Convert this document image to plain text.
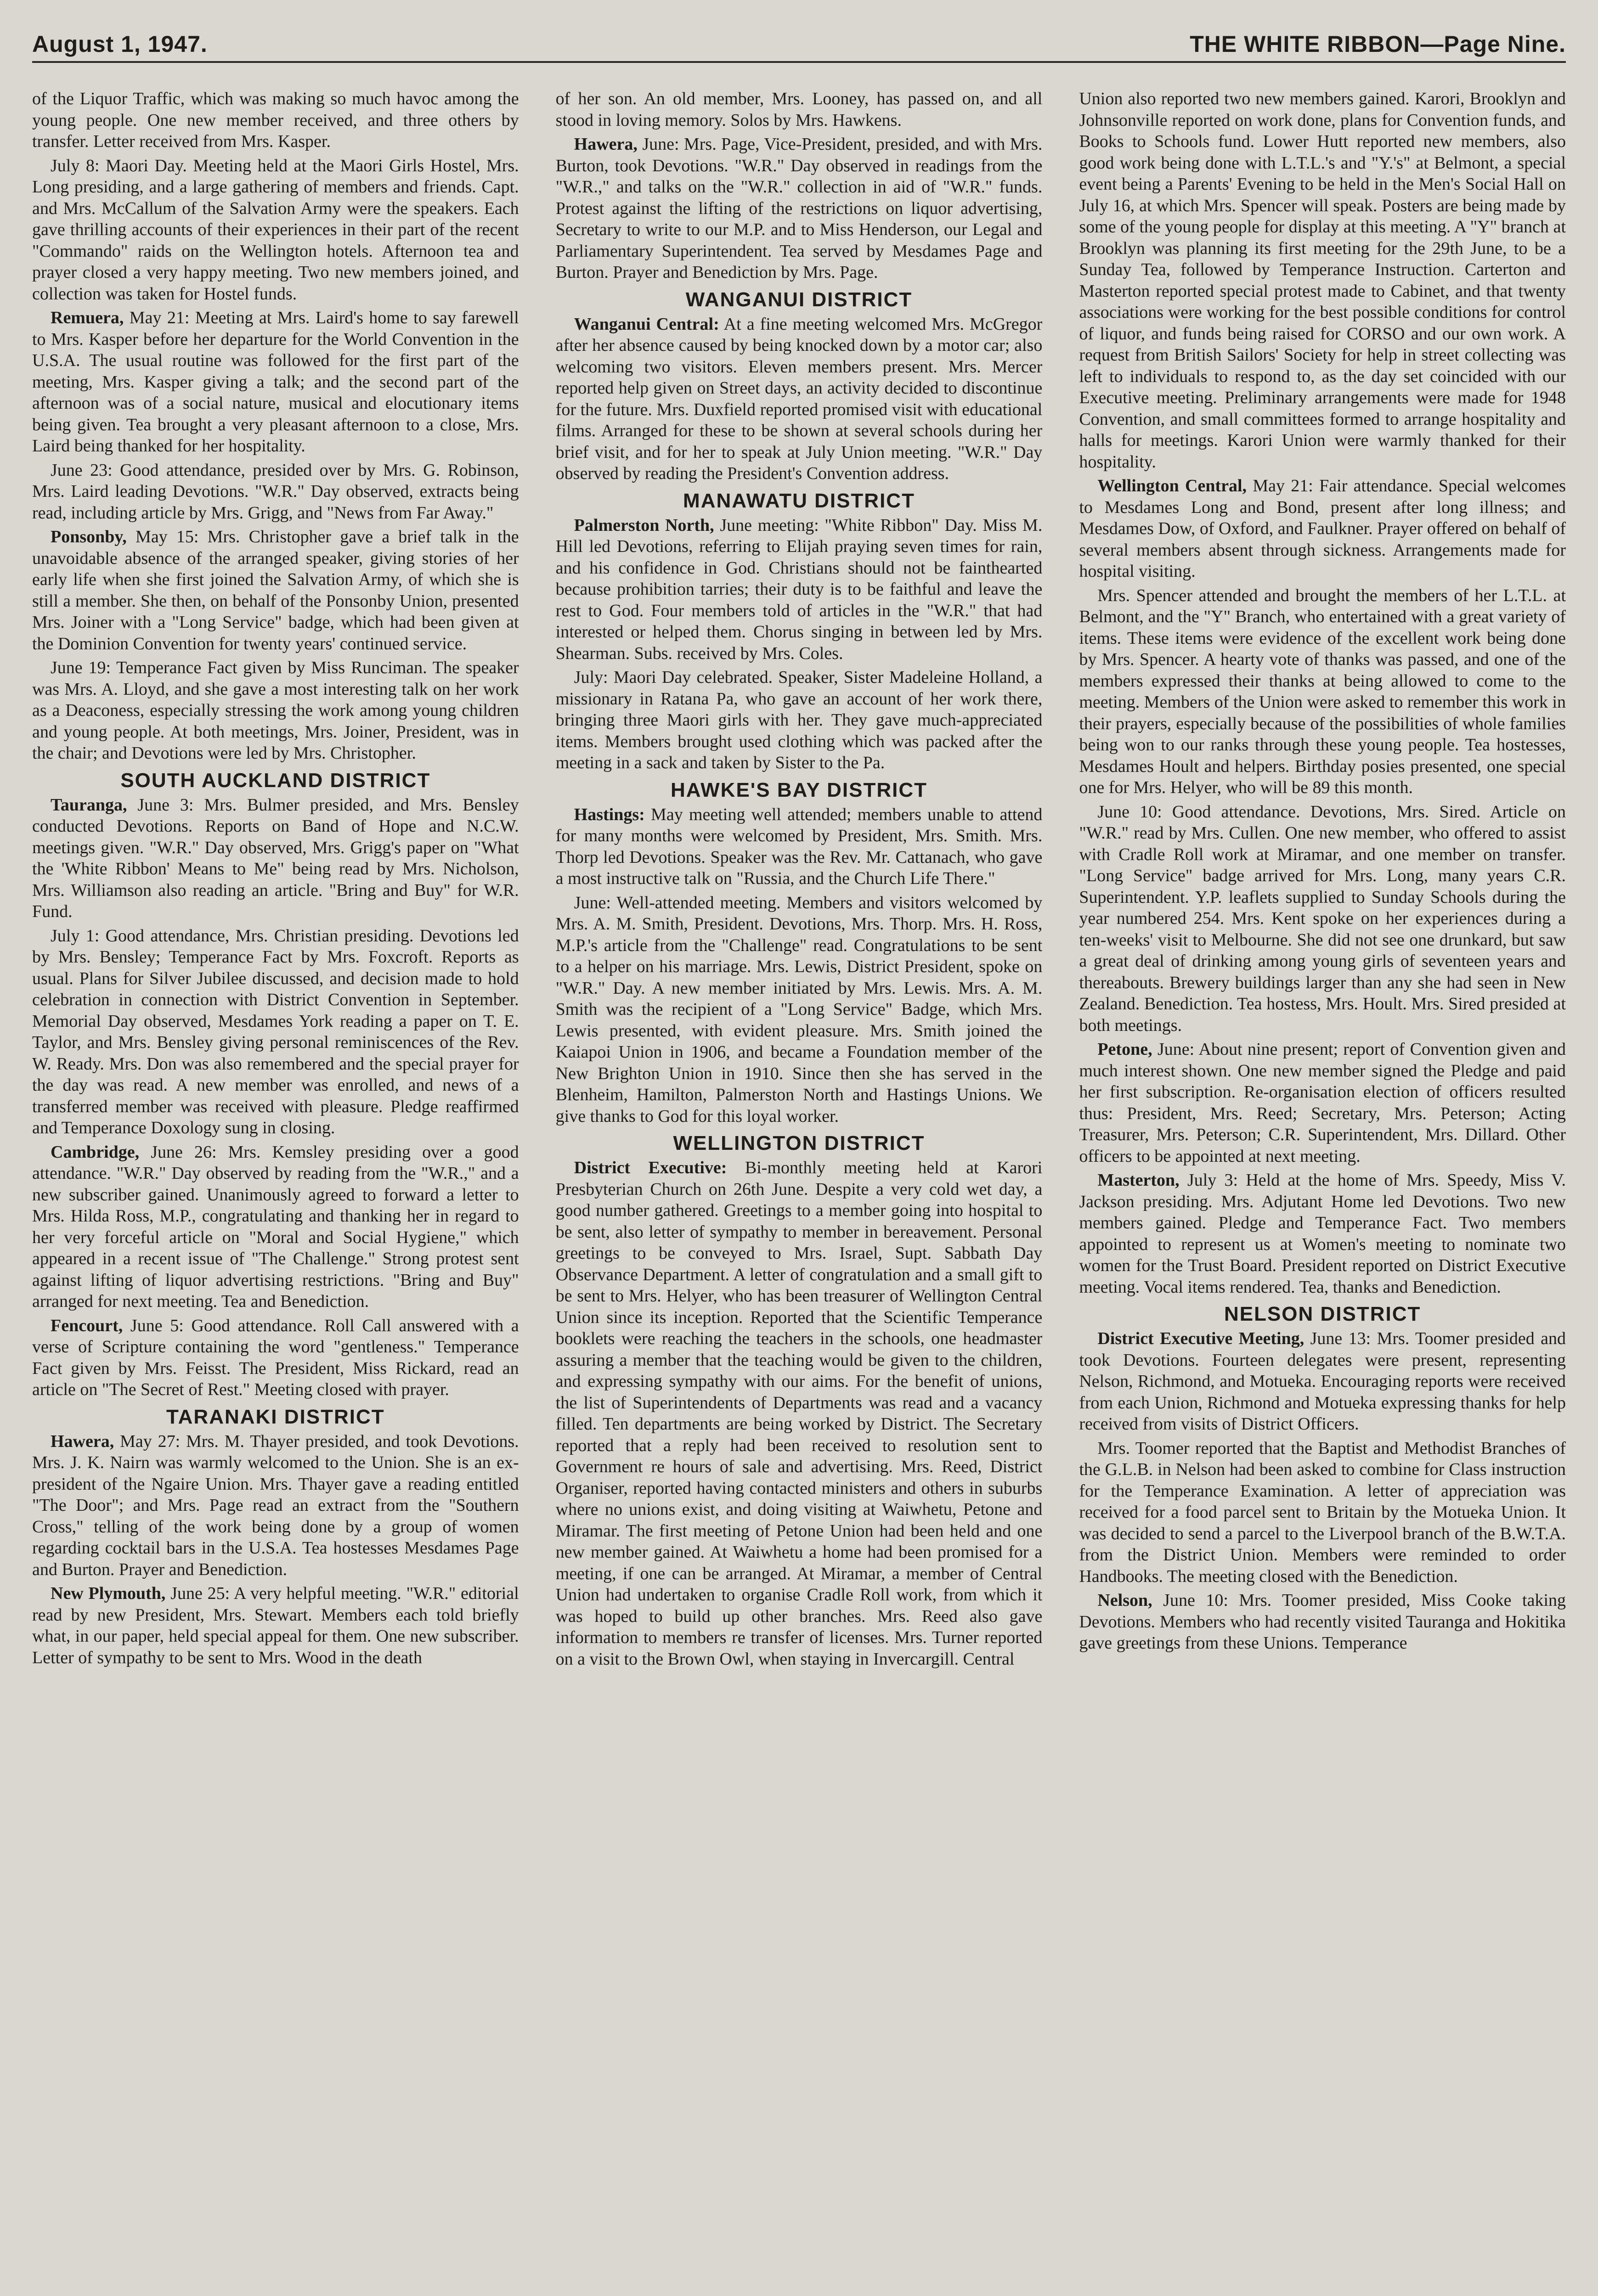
August 1, 1947.	THE WHITE RIBBON—Page Nine.

of the Liquor Traffic, which was making so much havoc among the young people. One new member received, and three others by transfer. Letter received from Mrs. Kasper.

July 8: Maori Day. Meeting held at the Maori Girls Hostel, Mrs. Long presiding, and a large gathering of members and friends. Capt. and Mrs. McCallum of the Salvation Army were the speakers. Each gave thrilling accounts of their experiences in their part of the recent "Commando" raids on the Wellington hotels. Afternoon tea and prayer closed a very happy meeting. Two new members joined, and collection was taken for Hostel funds.

Remuera, May 21: Meeting at Mrs. Laird's home to say farewell to Mrs. Kasper before her departure for the World Convention in the U.S.A. The usual routine was followed for the first part of the meeting, Mrs. Kasper giving a talk; and the second part of the afternoon was of a social nature, musical and elocutionary items being given. Tea brought a very pleasant afternoon to a close, Mrs. Laird being thanked for her hospitality.

June 23: Good attendance, presided over by Mrs. G. Robinson, Mrs. Laird leading Devotions. "W.R." Day observed, extracts being read, including article by Mrs. Grigg, and "News from Far Away."

Ponsonby, May 15: Mrs. Christopher gave a brief talk in the unavoidable absence of the arranged speaker, giving stories of her early life when she first joined the Salvation Army, of which she is still a member. She then, on behalf of the Ponsonby Union, presented Mrs. Joiner with a "Long Service" badge, which had been given at the Dominion Convention for twenty years' continued service.

June 19: Temperance Fact given by Miss Runciman. The speaker was Mrs. A. Lloyd, and she gave a most interesting talk on her work as a Deaconess, especially stressing the work among young children and young people. At both meetings, Mrs. Joiner, President, was in the chair; and Devotions were led by Mrs. Christopher.

SOUTH AUCKLAND DISTRICT

Tauranga, June 3: Mrs. Bulmer presided, and Mrs. Bensley conducted Devotions. Reports on Band of Hope and N.C.W. meetings given. "W.R." Day observed, Mrs. Grigg's paper on "What the 'White Ribbon' Means to Me" being read by Mrs. Nicholson, Mrs. Williamson also reading an article. "Bring and Buy" for W.R. Fund.

July 1: Good attendance, Mrs. Christian presiding. Devotions led by Mrs. Bensley; Temperance Fact by Mrs. Foxcroft. Reports as usual. Plans for Silver Jubilee discussed, and decision made to hold celebration in connection with District Convention in September. Memorial Day observed, Mesdames York reading a paper on T. E. Taylor, and Mrs. Bensley giving personal reminiscences of the Rev. W. Ready. Mrs. Don was also remembered and the special prayer for the day was read. A new member was enrolled, and news of a transferred member was received with pleasure. Pledge reaffirmed and Temperance Doxology sung in closing.

Cambridge, June 26: Mrs. Kemsley presiding over a good attendance. "W.R." Day observed by reading from the "W.R.," and a new subscriber gained. Unanimously agreed to forward a letter to Mrs. Hilda Ross, M.P., congratulating and thanking her in regard to her very forceful article on "Moral and Social Hygiene," which appeared in a recent issue of "The Challenge." Strong protest sent against lifting of liquor advertising restrictions. "Bring and Buy" arranged for next meeting. Tea and Benediction.

Fencourt, June 5: Good attendance. Roll Call answered with a verse of Scripture containing the word "gentleness." Temperance Fact given by Mrs. Feisst. The President, Miss Rickard, read an article on "The Secret of Rest." Meeting closed with prayer.

TARANAKI DISTRICT

Hawera, May 27: Mrs. M. Thayer presided, and took Devotions. Mrs. J. K. Nairn was warmly welcomed to the Union. She is an ex-president of the Ngaire Union. Mrs. Thayer gave a reading entitled "The Door"; and Mrs. Page read an extract from the "Southern Cross," telling of the work being done by a group of women regarding cocktail bars in the U.S.A. Tea hostesses Mesdames Page and Burton. Prayer and Benediction.

New Plymouth, June 25: A very helpful meeting. "W.R." editorial read by new President, Mrs. Stewart. Members each told briefly what, in our paper, held special appeal for them. One new subscriber. Letter of sympathy to be sent to Mrs. Wood in the death

of her son. An old member, Mrs. Looney, has passed on, and all stood in loving memory. Solos by Mrs. Hawkens.

Hawera, June: Mrs. Page, Vice-President, presided, and with Mrs. Burton, took Devotions. "W.R." Day observed in readings from the "W.R.," and talks on the "W.R." collection in aid of "W.R." funds. Protest against the lifting of the restrictions on liquor advertising, Secretary to write to our M.P. and to Miss Henderson, our Legal and Parliamentary Superintendent. Tea served by Mesdames Page and Burton. Prayer and Benediction by Mrs. Page.

WANGANUI DISTRICT

Wanganui Central: At a fine meeting welcomed Mrs. McGregor after her absence caused by being knocked down by a motor car; also welcoming two visitors. Eleven members present. Mrs. Mercer reported help given on Street days, an activity decided to discontinue for the future. Mrs. Duxfield reported promised visit with educational films. Arranged for these to be shown at several schools during her brief visit, and for her to speak at July Union meeting. "W.R." Day observed by reading the President's Convention address.

MANAWATU DISTRICT

Palmerston North, June meeting: "White Ribbon" Day. Miss M. Hill led Devotions, referring to Elijah praying seven times for rain, and his confidence in God. Christians should not be fainthearted because prohibition tarries; their duty is to be faithful and leave the rest to God. Four members told of articles in the "W.R." that had interested or helped them. Chorus singing in between led by Mrs. Shearman. Subs. received by Mrs. Coles.

July: Maori Day celebrated. Speaker, Sister Madeleine Holland, a missionary in Ratana Pa, who gave an account of her work there, bringing three Maori girls with her. They gave much-appreciated items. Members brought used clothing which was packed after the meeting in a sack and taken by Sister to the Pa.

HAWKE'S BAY DISTRICT

Hastings: May meeting well attended; members unable to attend for many months were welcomed by President, Mrs. Smith. Mrs. Thorp led Devotions. Speaker was the Rev. Mr. Cattanach, who gave a most instructive talk on "Russia, and the Church Life There."

June: Well-attended meeting. Members and visitors welcomed by Mrs. A. M. Smith, President. Devotions, Mrs. Thorp. Mrs. H. Ross, M.P.'s article from the "Challenge" read. Congratulations to be sent to a helper on his marriage. Mrs. Lewis, District President, spoke on "W.R." Day. A new member initiated by Mrs. Lewis. Mrs. A. M. Smith was the recipient of a "Long Service" Badge, which Mrs. Lewis presented, with evident pleasure. Mrs. Smith joined the Kaiapoi Union in 1906, and became a Foundation member of the New Brighton Union in 1910. Since then she has served in the Blenheim, Hamilton, Palmerston North and Hastings Unions. We give thanks to God for this loyal worker.

WELLINGTON DISTRICT

District Executive: Bi-monthly meeting held at Karori Presbyterian Church on 26th June. Despite a very cold wet day, a good number gathered. Greetings to a member going into hospital to be sent, also letter of sympathy to member in bereavement. Personal greetings to be conveyed to Mrs. Israel, Supt. Sabbath Day Observance Department. A letter of congratulation and a small gift to be sent to Mrs. Helyer, who has been treasurer of Wellington Central Union since its inception. Reported that the Scientific Temperance booklets were reaching the teachers in the schools, one headmaster assuring a member that the teaching would be given to the children, and expressing sympathy with our aims. For the benefit of unions, the list of Superintendents of Departments was read and a vacancy filled. Ten departments are being worked by District. The Secretary reported that a reply had been received to resolution sent to Government re hours of sale and advertising. Mrs. Reed, District Organiser, reported having contacted ministers and others in suburbs where no unions exist, and doing visiting at Waiwhetu, Petone and Miramar. The first meeting of Petone Union had been held and one new member gained. At Waiwhetu a home had been promised for a meeting, if one can be arranged. At Miramar, a member of Central Union had undertaken to organise Cradle Roll work, from which it was hoped to build up other branches. Mrs. Reed also gave information to members re transfer of licenses. Mrs. Turner reported on a visit to the Brown Owl, when staying in Invercargill. Central

Union also reported two new members gained. Karori, Brooklyn and Johnsonville reported on work done, plans for Convention funds, and Books to Schools fund. Lower Hutt reported new members, also good work being done with L.T.L.'s and "Y.'s" at Belmont, a special event being a Parents' Evening to be held in the Men's Social Hall on July 16, at which Mrs. Spencer will speak. Posters are being made by some of the young people for display at this meeting. A "Y" branch at Brooklyn was planning its first meeting for the 29th June, to be a Sunday Tea, followed by Temperance Instruction. Carterton and Masterton reported special protest made to Cabinet, and that twenty associations were working for the best possible conditions for control of liquor, and funds being raised for CORSO and our own work. A request from British Sailors' Society for help in street collecting was left to individuals to respond to, as the day set coincided with our Executive meeting. Preliminary arrangements were made for 1948 Convention, and small committees formed to arrange hospitality and halls for meetings. Karori Union were warmly thanked for their hospitality.

Wellington Central, May 21: Fair attendance. Special welcomes to Mesdames Long and Bond, present after long illness; and Mesdames Dow, of Oxford, and Faulkner. Prayer offered on behalf of several members absent through sickness. Arrangements made for hospital visiting.

Mrs. Spencer attended and brought the members of her L.T.L. at Belmont, and the "Y" Branch, who entertained with a great variety of items. These items were evidence of the excellent work being done by Mrs. Spencer. A hearty vote of thanks was passed, and one of the members expressed their thanks at being allowed to come to the meeting. Members of the Union were asked to remember this work in their prayers, especially because of the possibilities of whole families being won to our ranks through these young people. Tea hostesses, Mesdames Hoult and helpers. Birthday posies presented, one special one for Mrs. Helyer, who will be 89 this month.

June 10: Good attendance. Devotions, Mrs. Sired. Article on "W.R." read by Mrs. Cullen. One new member, who offered to assist with Cradle Roll work at Miramar, and one member on transfer. "Long Service" badge arrived for Mrs. Long, many years C.R. Superintendent. Y.P. leaflets supplied to Sunday Schools during the year numbered 254. Mrs. Kent spoke on her experiences during a ten-weeks' visit to Melbourne. She did not see one drunkard, but saw a great deal of drinking among young girls of seventeen years and thereabouts. Brewery buildings larger than any she had seen in New Zealand. Benediction. Tea hostess, Mrs. Hoult. Mrs. Sired presided at both meetings.

Petone, June: About nine present; report of Convention given and much interest shown. One new member signed the Pledge and paid her first subscription. Re-organisation election of officers resulted thus: President, Mrs. Reed; Secretary, Mrs. Peterson; Acting Treasurer, Mrs. Peterson; C.R. Superintendent, Mrs. Dillard. Other officers to be appointed at next meeting.

Masterton, July 3: Held at the home of Mrs. Speedy, Miss V. Jackson presiding. Mrs. Adjutant Home led Devotions. Two new members gained. Pledge and Temperance Fact. Two members appointed to represent us at Women's meeting to nominate two women for the Trust Board. President reported on District Executive meeting. Vocal items rendered. Tea, thanks and Benediction.

NELSON DISTRICT

District Executive Meeting, June 13: Mrs. Toomer presided and took Devotions. Fourteen delegates were present, representing Nelson, Richmond, and Motueka. Encouraging reports were received from each Union, Richmond and Motueka expressing thanks for help received from visits of District Officers.

Mrs. Toomer reported that the Baptist and Methodist Branches of the G.L.B. in Nelson had been asked to combine for Class instruction for the Temperance Examination. A letter of appreciation was received for a food parcel sent to Britain by the Motueka Union. It was decided to send a parcel to the Liverpool branch of the B.W.T.A. from the District Union. Members were reminded to order Handbooks. The meeting closed with the Benediction.

Nelson, June 10: Mrs. Toomer presided, Miss Cooke taking Devotions. Members who had recently visited Tauranga and Hokitika gave greetings from these Unions. Temperance
